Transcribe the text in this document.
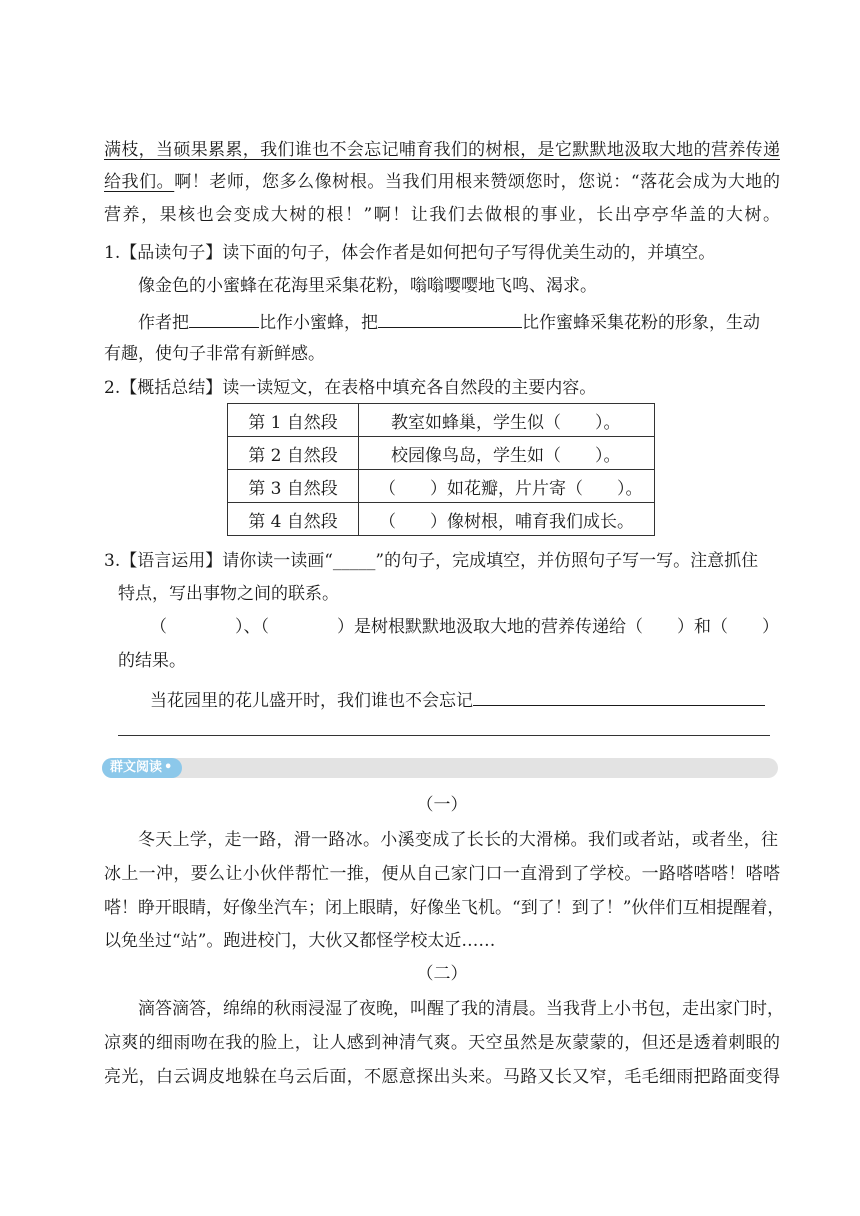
满枝，当硕果累累，我们谁也不会忘记哺育我们的树根，是它默默地汲取大地的营养传递
给我们。啊！老师，您多么像树根。当我们用根来赞颂您时，您说：“落花会成为大地的
营养，果核也会变成大树的根！”啊！让我们去做根的事业，长出亭亭华盖的大树。
1.【品读句子】读下面的句子，体会作者是如何把句子写得优美生动的，并填空。
像金色的小蜜蜂在花海里采集花粉，嗡嗡嘤嘤地飞鸣、渴求。
作者把	比作小蜜蜂，把	比作蜜蜂采集花粉的形象，生动
有趣，使句子非常有新鲜感。
2.【概括总结】读一读短文，在表格中填充各自然段的主要内容。
第 1 自然段	教室如蜂巢，学生似（　　）。
第 2 自然段	校园像鸟岛，学生如（　　）。
第 3 自然段	（　　）如花瓣，片片寄（　　）。
第 4 自然段	（　　）像树根，哺育我们成长。
3.【语言运用】请你读一读画“_____”的句子，完成填空，并仿照句子写一写。注意抓住
特点，写出事物之间的联系。
（　　　　）、（　　　　）是树根默默地汲取大地的营养传递给（　　）和（　　）
的结果。
当花园里的花儿盛开时，我们谁也不会忘记
群文阅读 •
（一）
冬天上学，走一路，滑一路冰。小溪变成了长长的大滑梯。我们或者站，或者坐，往
冰上一冲，要么让小伙伴帮忙一推，便从自己家门口一直滑到了学校。一路嗒嗒嗒！嗒嗒
嗒！睁开眼睛，好像坐汽车；闭上眼睛，好像坐飞机。“到了！到了！”伙伴们互相提醒着，
以免坐过“站”。跑进校门，大伙又都怪学校太近……
（二）
滴答滴答，绵绵的秋雨浸湿了夜晚，叫醒了我的清晨。当我背上小书包，走出家门时，
凉爽的细雨吻在我的脸上，让人感到神清气爽。天空虽然是灰蒙蒙的，但还是透着刺眼的
亮光，白云调皮地躲在乌云后面，不愿意探出头来。马路又长又窄，毛毛细雨把路面变得
